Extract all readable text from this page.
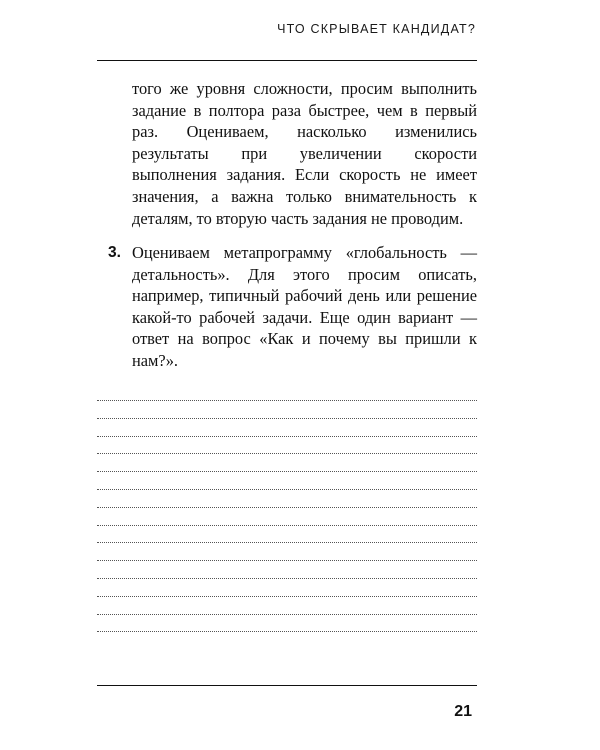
ЧТО СКРЫВАЕТ КАНДИДАТ?

того же уровня сложности, просим выполнить задание в полтора раза быстрее, чем в первый раз. Оцениваем, насколько изменились результаты при увеличении скорости выполнения задания. Если скорость не имеет значения, а важна только внимательность к деталям, то вторую часть задания не проводим.

3. Оцениваем метапрограмму «глобальность — детальность». Для этого просим описать, например, типичный рабочий день или решение какой-то рабочей задачи. Еще один вариант — ответ на вопрос «Как и почему вы пришли к нам?».

21
